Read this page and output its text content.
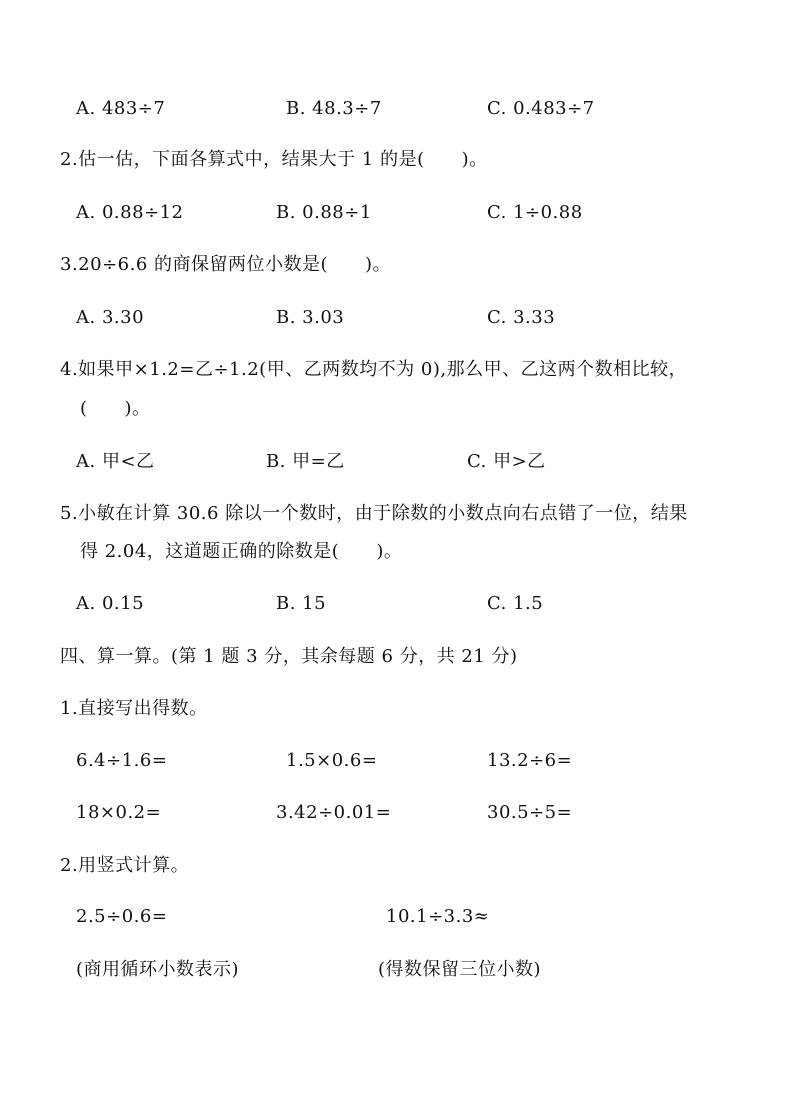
A. 483÷7	B. 48.3÷7	C. 0.483÷7
2.估一估，下面各算式中，结果大于 1 的是(　　)。
A. 0.88÷12	B. 0.88÷1	C. 1÷0.88
3.20÷6.6 的商保留两位小数是(　　)。
A. 3.30	B. 3.03	C. 3.33
4.如果甲×1.2=乙÷1.2(甲、乙两数均不为 0),那么甲、乙这两个数相比较，
(　　)。
A. 甲<乙	B. 甲=乙	C. 甲>乙
5.小敏在计算 30.6 除以一个数时，由于除数的小数点向右点错了一位，结果
得 2.04，这道题正确的除数是(　　)。
A. 0.15	B. 15	C. 1.5
四、算一算。(第 1 题 3 分，其余每题 6 分，共 21 分)
1.直接写出得数。
6.4÷1.6=	1.5×0.6=	13.2÷6=
18×0.2=	3.42÷0.01=	30.5÷5=
2.用竖式计算。
2.5÷0.6=	10.1÷3.3≈
(商用循环小数表示)	(得数保留三位小数)
